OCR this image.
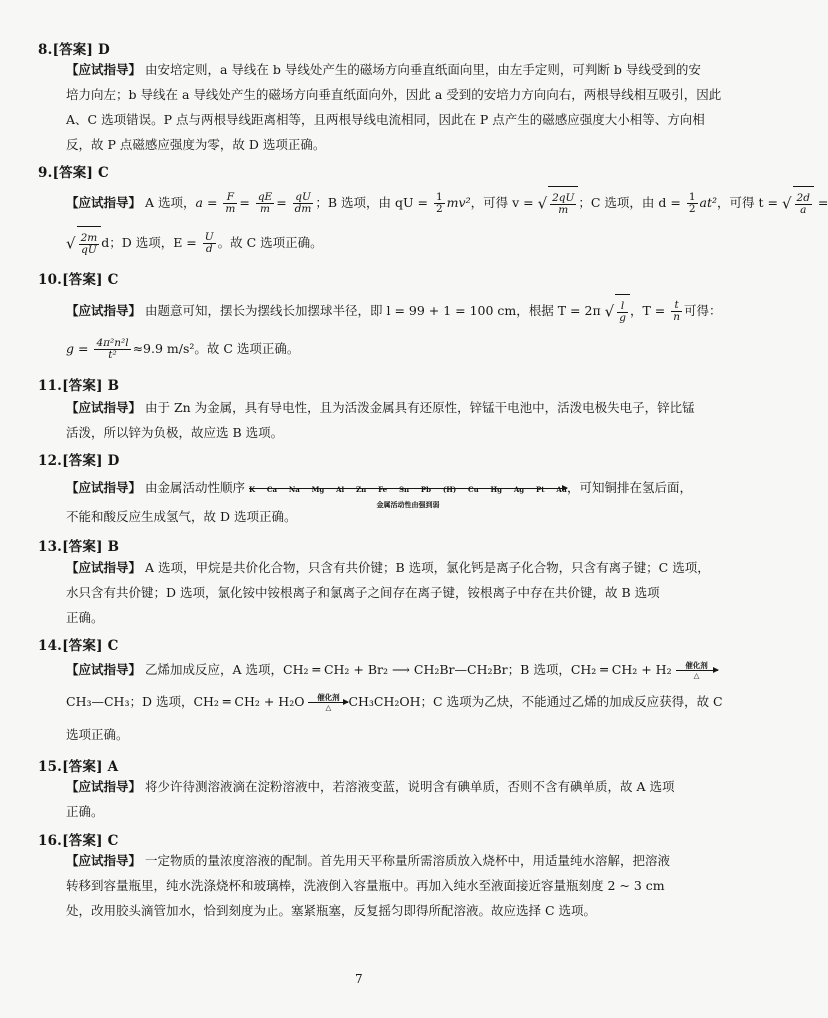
8.[答案] D
【应试指导】 由安培定则，a 导线在 b 导线处产生的磁场方向垂直纸面向里，由左手定则，可判断 b 导线受到的安
培力向左；b 导线在 a 导线处产生的磁场方向垂直纸面向外，因此 a 受到的安培力方向向右，两根导线相互吸引，因此
A、C 选项错误。P 点与两根导线距离相等，且两根导线电流相同，因此在 P 点产生的磁感应强度大小相等、方向相
反，故 P 点磁感应强度为零，故 D 选项正确。
9.[答案] C
【应试指导】 A 选项，$a = \frac{F}{m} = \frac{qE}{m} = \frac{qU}{dm}$ ；B 选项，由 qU = $\frac{1}{2} mv^2$，可得 v = √ $\frac{2qU}{m}$ ；C 选项，由 $d = \frac{1}{2} at^2$，可得 t = √ $\frac{2d}{a}$ =
√ $\frac{2m}{qU}$ d；D 选项，$E = \frac{U}{d}$ 。故 C 选项正确。
10.[答案] C
【应试指导】 由题意可知，摆长为摆线长加摆球半径，即 l = 99 + 1 = 100 cm，根据 T = 2π √ $\frac{l}{g}$ ，$T = \frac{t}{n}$ 可得：
$g = \frac{\text{4π²n²l}}{\text{t²}} \approx 9.9$ m/s²。故 C 选项正确。
11.[答案] B
【应试指导】 由于 Zn 为金属，具有导电性，且为活泼金属具有还原性，锌锰干电池中，活泼电极失电子，锌比锰
活泼，所以锌为负极，故应选 B 选项。
12.[答案] D
【应试指导】 由金属活动性顺序 K Ca Na Mg Al Zn Fe Sn Pb (H) Cu Hg Ag Pt Au
金属活动性由强到弱
，可知铜排在氢后面，
不能和酸反应生成氢气，故 D 选项正确。
13.[答案] B
【应试指导】 A 选项，甲烷是共价化合物，只含有共价键；B 选项，氯化钙是离子化合物，只含有离子键；C 选项，
水只含有共价键；D 选项，氯化铵中铵根离子和氯离子之间存在离子键，铵根离子中存在共价键，故 B 选项
正确。
14.[答案] C
【应试指导】 乙烯加成反应，A 选项，CH₂ ═ CH₂ + Br₂ ⟶ CH₂Br—CH₂Br；B 选项，CH₂ ═ CH₂ + H₂	催化剂
△
CH₃—CH₃；D 选项，CH₂ ═ CH₂ + H₂O	催化剂
△	CH₃CH₂OH；C 选项为乙炔，不能通过乙烯的加成反应获得，故 C
选项正确。
15.[答案] A
【应试指导】 将少许待测溶液滴在淀粉溶液中，若溶液变蓝，说明含有碘单质，否则不含有碘单质，故 A 选项
正确。
16.[答案] C
【应试指导】 一定物质的量浓度溶液的配制。首先用天平称量所需溶质放入烧杯中，用适量纯水溶解，把溶液
转移到容量瓶里，纯水洗涤烧杯和玻璃棒，洗液倒入容量瓶中。再加入纯水至液面接近容量瓶刻度 2 ~ 3 cm
处，改用胶头滴管加水，恰到刻度为止。塞紧瓶塞，反复摇匀即得所配溶液。故应选择 C 选项。
7
